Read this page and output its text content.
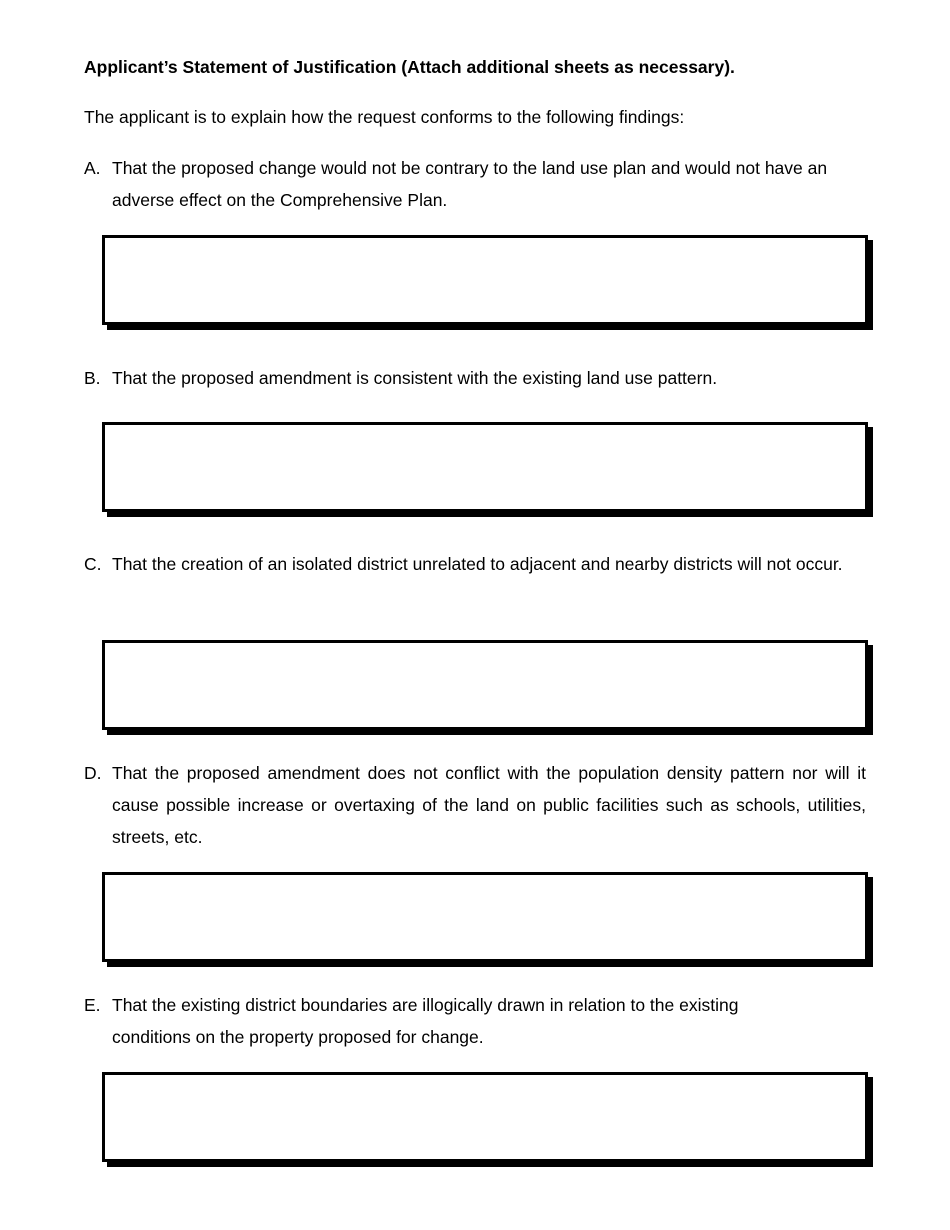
Applicant’s Statement of Justification (Attach additional sheets as necessary).
The applicant is to explain how the request conforms to the following findings:
A. That the proposed change would not be contrary to the land use plan and would not have an adverse effect on the Comprehensive Plan.
B. That the proposed amendment is consistent with the existing land use pattern.
C. That the creation of an isolated district unrelated to adjacent and nearby districts will not occur.
D. That the proposed amendment does not conflict with the population density pattern nor will it cause possible increase or overtaxing of the land on public facilities such as schools, utilities, streets, etc.
E. That the existing district boundaries are illogically drawn in relation to the existing conditions on the property proposed for change.
